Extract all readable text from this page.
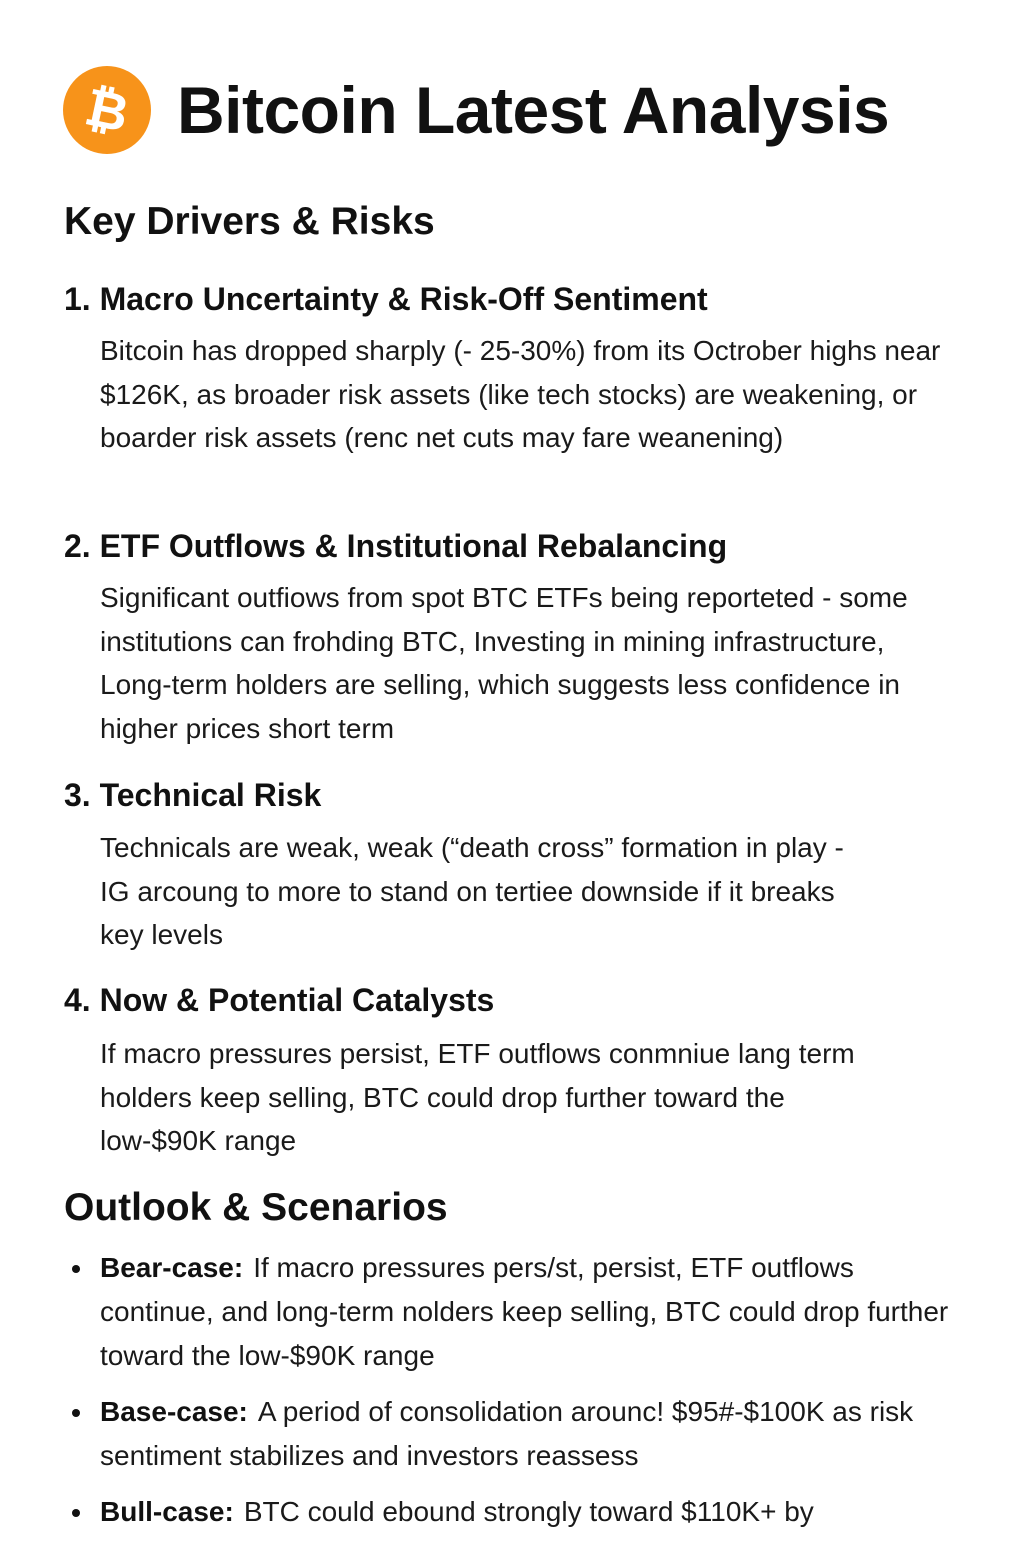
₿ Bitcoin Latest Analysis
Key Drivers & Risks
1. Macro Uncertainty & Risk-Off Sentiment

Bitcoin has dropped sharply (- 25-30%) from its Octrober highs near $126K, as broader risk assets (like tech stocks) are weakening, or boarder risk assets (renc net cuts may fare weanening)

2. ETF Outflows & Institutional Rebalancing

Significant outfiows from spot BTC ETFs being reporteted - some institutions can frohding BTC, Investing in mining infrastructure, Long-term holders are selling, which suggests less confidence in higher prices short term

3. Technical Risk

Technicals are weak, weak (“death cross” formation in play - IG arcoung to more to stand on tertiee downside if it breaks key levels

4. Now & Potential Catalysts

If macro pressures persist, ETF outflows conmniue lang term holders keep selling, BTC could drop further toward the low-$90K range

Outlook & Scenarios
Bear-case: If macro pressures pers/st, persist, ETF outflows continue, and long-term nolders keep selling, BTC could drop further toward the low-$90K range
Base-case: A period of consolidation arounc! $95#-$100K as risk sentiment stabilizes and investors reassess
Bull-case: BTC could ebound strongly toward $110K+ by
